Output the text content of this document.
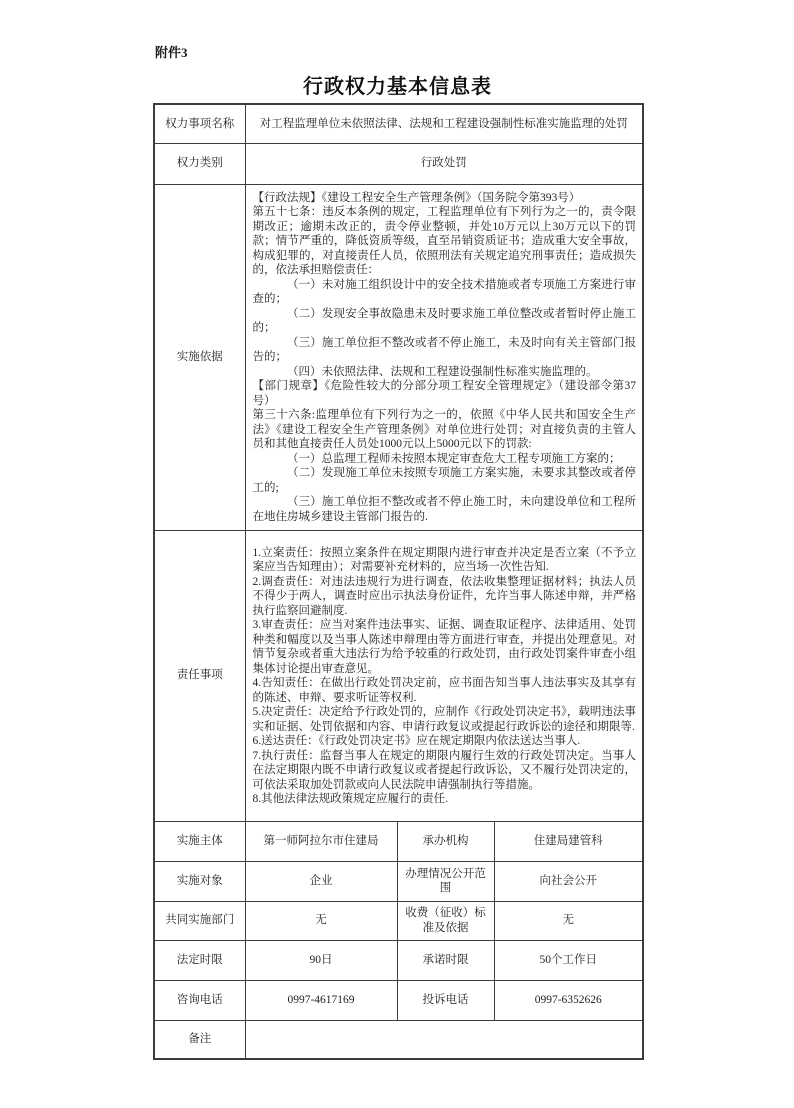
附件3
行政权力基本信息表
权力事项名称	对工程监理单位未依照法律、法规和工程建设强制性标准实施监理的处罚		
权力类别	行政处罚		
实施依据	

【行政法规】《建设工程安全生产管理条例》（国务院令第393号）

第五十七条：违反本条例的规定，工程监理单位有下列行为之一的，责令限期改正；逾期未改正的，责令停业整顿，并处10万元以上30万元以下的罚款；情节严重的，降低资质等级，直至吊销资质证书；造成重大安全事故，构成犯罪的，对直接责任人员，依照刑法有关规定追究刑事责任；造成损失的，依法承担赔偿责任：

（一）未对施工组织设计中的安全技术措施或者专项施工方案进行审查的；

（二）发现安全事故隐患未及时要求施工单位整改或者暂时停止施工的；

（三）施工单位拒不整改或者不停止施工，未及时向有关主管部门报告的；

（四）未依照法律、法规和工程建设强制性标准实施监理的。

【部门规章】《危险性较大的分部分项工程安全管理规定》（建设部令第37号）

第三十六条:监理单位有下列行为之一的，依照《中华人民共和国安全生产法》《建设工程安全生产管理条例》对单位进行处罚；对直接负责的主管人员和其他直接责任人员处1000元以上5000元以下的罚款:

（一）总监理工程师未按照本规定审查危大工程专项施工方案的；

（二）发现施工单位未按照专项施工方案实施，未要求其整改或者停工的;

（三）施工单位拒不整改或者不停止施工时，未向建设单位和工程所在地住房城乡建设主管部门报告的.

责任事项	

1.立案责任：按照立案条件在规定期限内进行审查并决定是否立案（不予立案应当告知理由）；对需要补充材料的，应当场一次性告知.

2.调查责任：对违法违规行为进行调查，依法收集整理证据材料；执法人员不得少于两人，调查时应出示执法身份证件，允许当事人陈述申辩，并严格执行监察回避制度.

3.审查责任：应当对案件违法事实、证据、调查取证程序、法律适用、处罚种类和幅度以及当事人陈述申辩理由等方面进行审查，并提出处理意见。对情节复杂或者重大违法行为给予较重的行政处罚，由行政处罚案件审查小组集体讨论提出审查意见。

4.告知责任：在做出行政处罚决定前，应书面告知当事人违法事实及其享有的陈述、申辩、要求听证等权利.

5.决定责任：决定给予行政处罚的，应制作《行政处罚决定书》，载明违法事实和证据、处罚依据和内容、申请行政复议或提起行政诉讼的途径和期限等.

6.送达责任：《行政处罚决定书》应在规定期限内依法送达当事人.

7.执行责任：监督当事人在规定的期限内履行生效的行政处罚决定。当事人在法定期限内既不申请行政复议或者提起行政诉讼，又不履行处罚决定的，可依法采取加处罚款或向人民法院申请强制执行等措施。

8.其他法律法规政策规定应履行的责任.

实施主体	第一师阿拉尔市住建局	承办机构	住建局建管科
实施对象	企业	办理情况公开范围	向社会公开
共同实施部门	无	收费（征收）标准及依据	无
法定时限	90日	承诺时限	50个工作日
咨询电话	0997-4617169	投诉电话	0997-6352626
备注			
